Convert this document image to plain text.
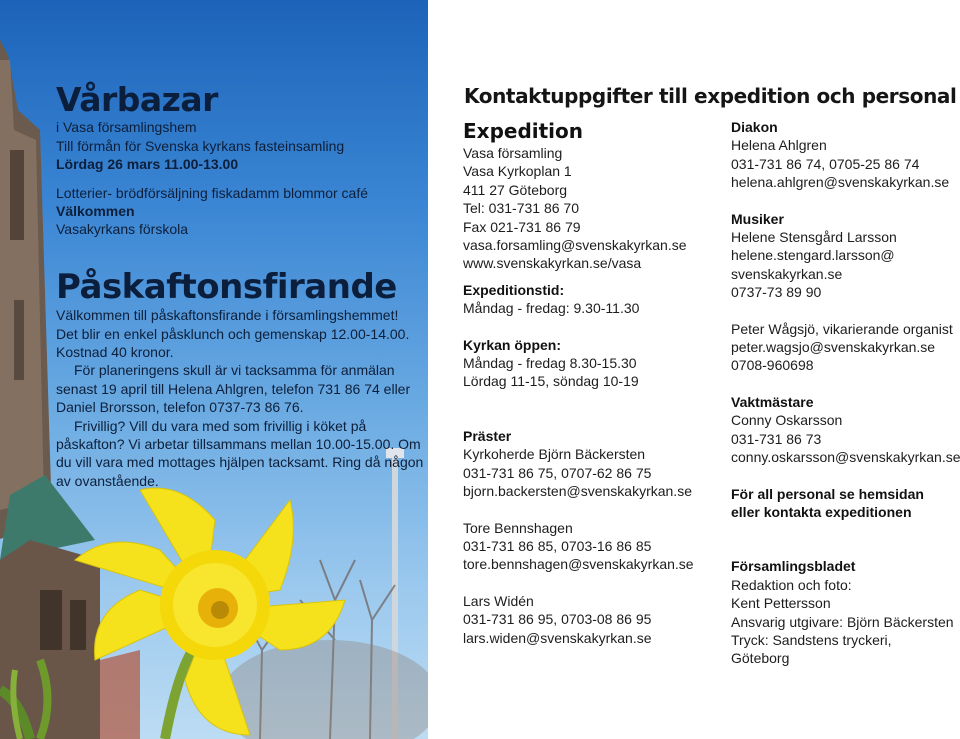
Vårbazar
i Vasa församlingshem
Till förmån för Svenska kyrkans fasteinsamling
Lördag 26 mars 11.00-13.00
Lotterier- brödförsäljning fiskadamm blommor café
Välkommen
Vasakyrkans förskola
Påskaftonsfirande
Välkommen till påskaftonsfirande i församlingshemmet!
Det blir en enkel påsklunch och gemenskap 12.00-14.00.
Kostnad 40 kronor.
För planeringens skull är vi tacksamma för anmälan
senast 19 april till Helena Ahlgren, telefon 731 86 74 eller
Daniel Brorsson, telefon 0737-73 86 76.
Frivillig? Vill du vara med som frivillig i köket på
påskafton? Vi arbetar tillsammans mellan 10.00-15.00. Om
du vill vara med mottages hjälpen tacksamt. Ring då någon
av ovanstående.
Kontaktuppgifter till expedition och personal
Expedition
Vasa församling
Vasa Kyrkoplan 1
411 27 Göteborg
Tel: 031-731 86 70
Fax 021-731 86 79
vasa.forsamling@svenskakyrkan.se
www.svenskakyrkan.se/vasa
Expeditionstid:
Måndag - fredag: 9.30-11.30
Kyrkan öppen:
Måndag - fredag 8.30-15.30
Lördag 11-15, söndag 10-19
Präster
Kyrkoherde Björn Bäckersten
031-731 86 75, 0707-62 86 75
bjorn.backersten@svenskakyrkan.se
Tore Bennshagen
031-731 86 85, 0703-16 86 85
tore.bennshagen@svenskakyrkan.se
Lars Widén
031-731 86 95, 0703-08 86 95
lars.widen@svenskakyrkan.se
Diakon
Helena Ahlgren
031-731 86 74, 0705-25 86 74
helena.ahlgren@svenskakyrkan.se
Musiker
Helene Stensgård Larsson
helene.stengard.larsson@
svenskakyrkan.se
0737-73 89 90
Peter Wågsjö, vikarierande organist
peter.wagsjo@svenskakyrkan.se
0708-960698
Vaktmästare
Conny Oskarsson
031-731 86 73
conny.oskarsson@svenskakyrkan.se
För all personal se hemsidan
eller kontakta expeditionen
Församlingsbladet
Redaktion och foto:
Kent Pettersson
Ansvarig utgivare: Björn Bäckersten
Tryck: Sandstens tryckeri,
Göteborg
